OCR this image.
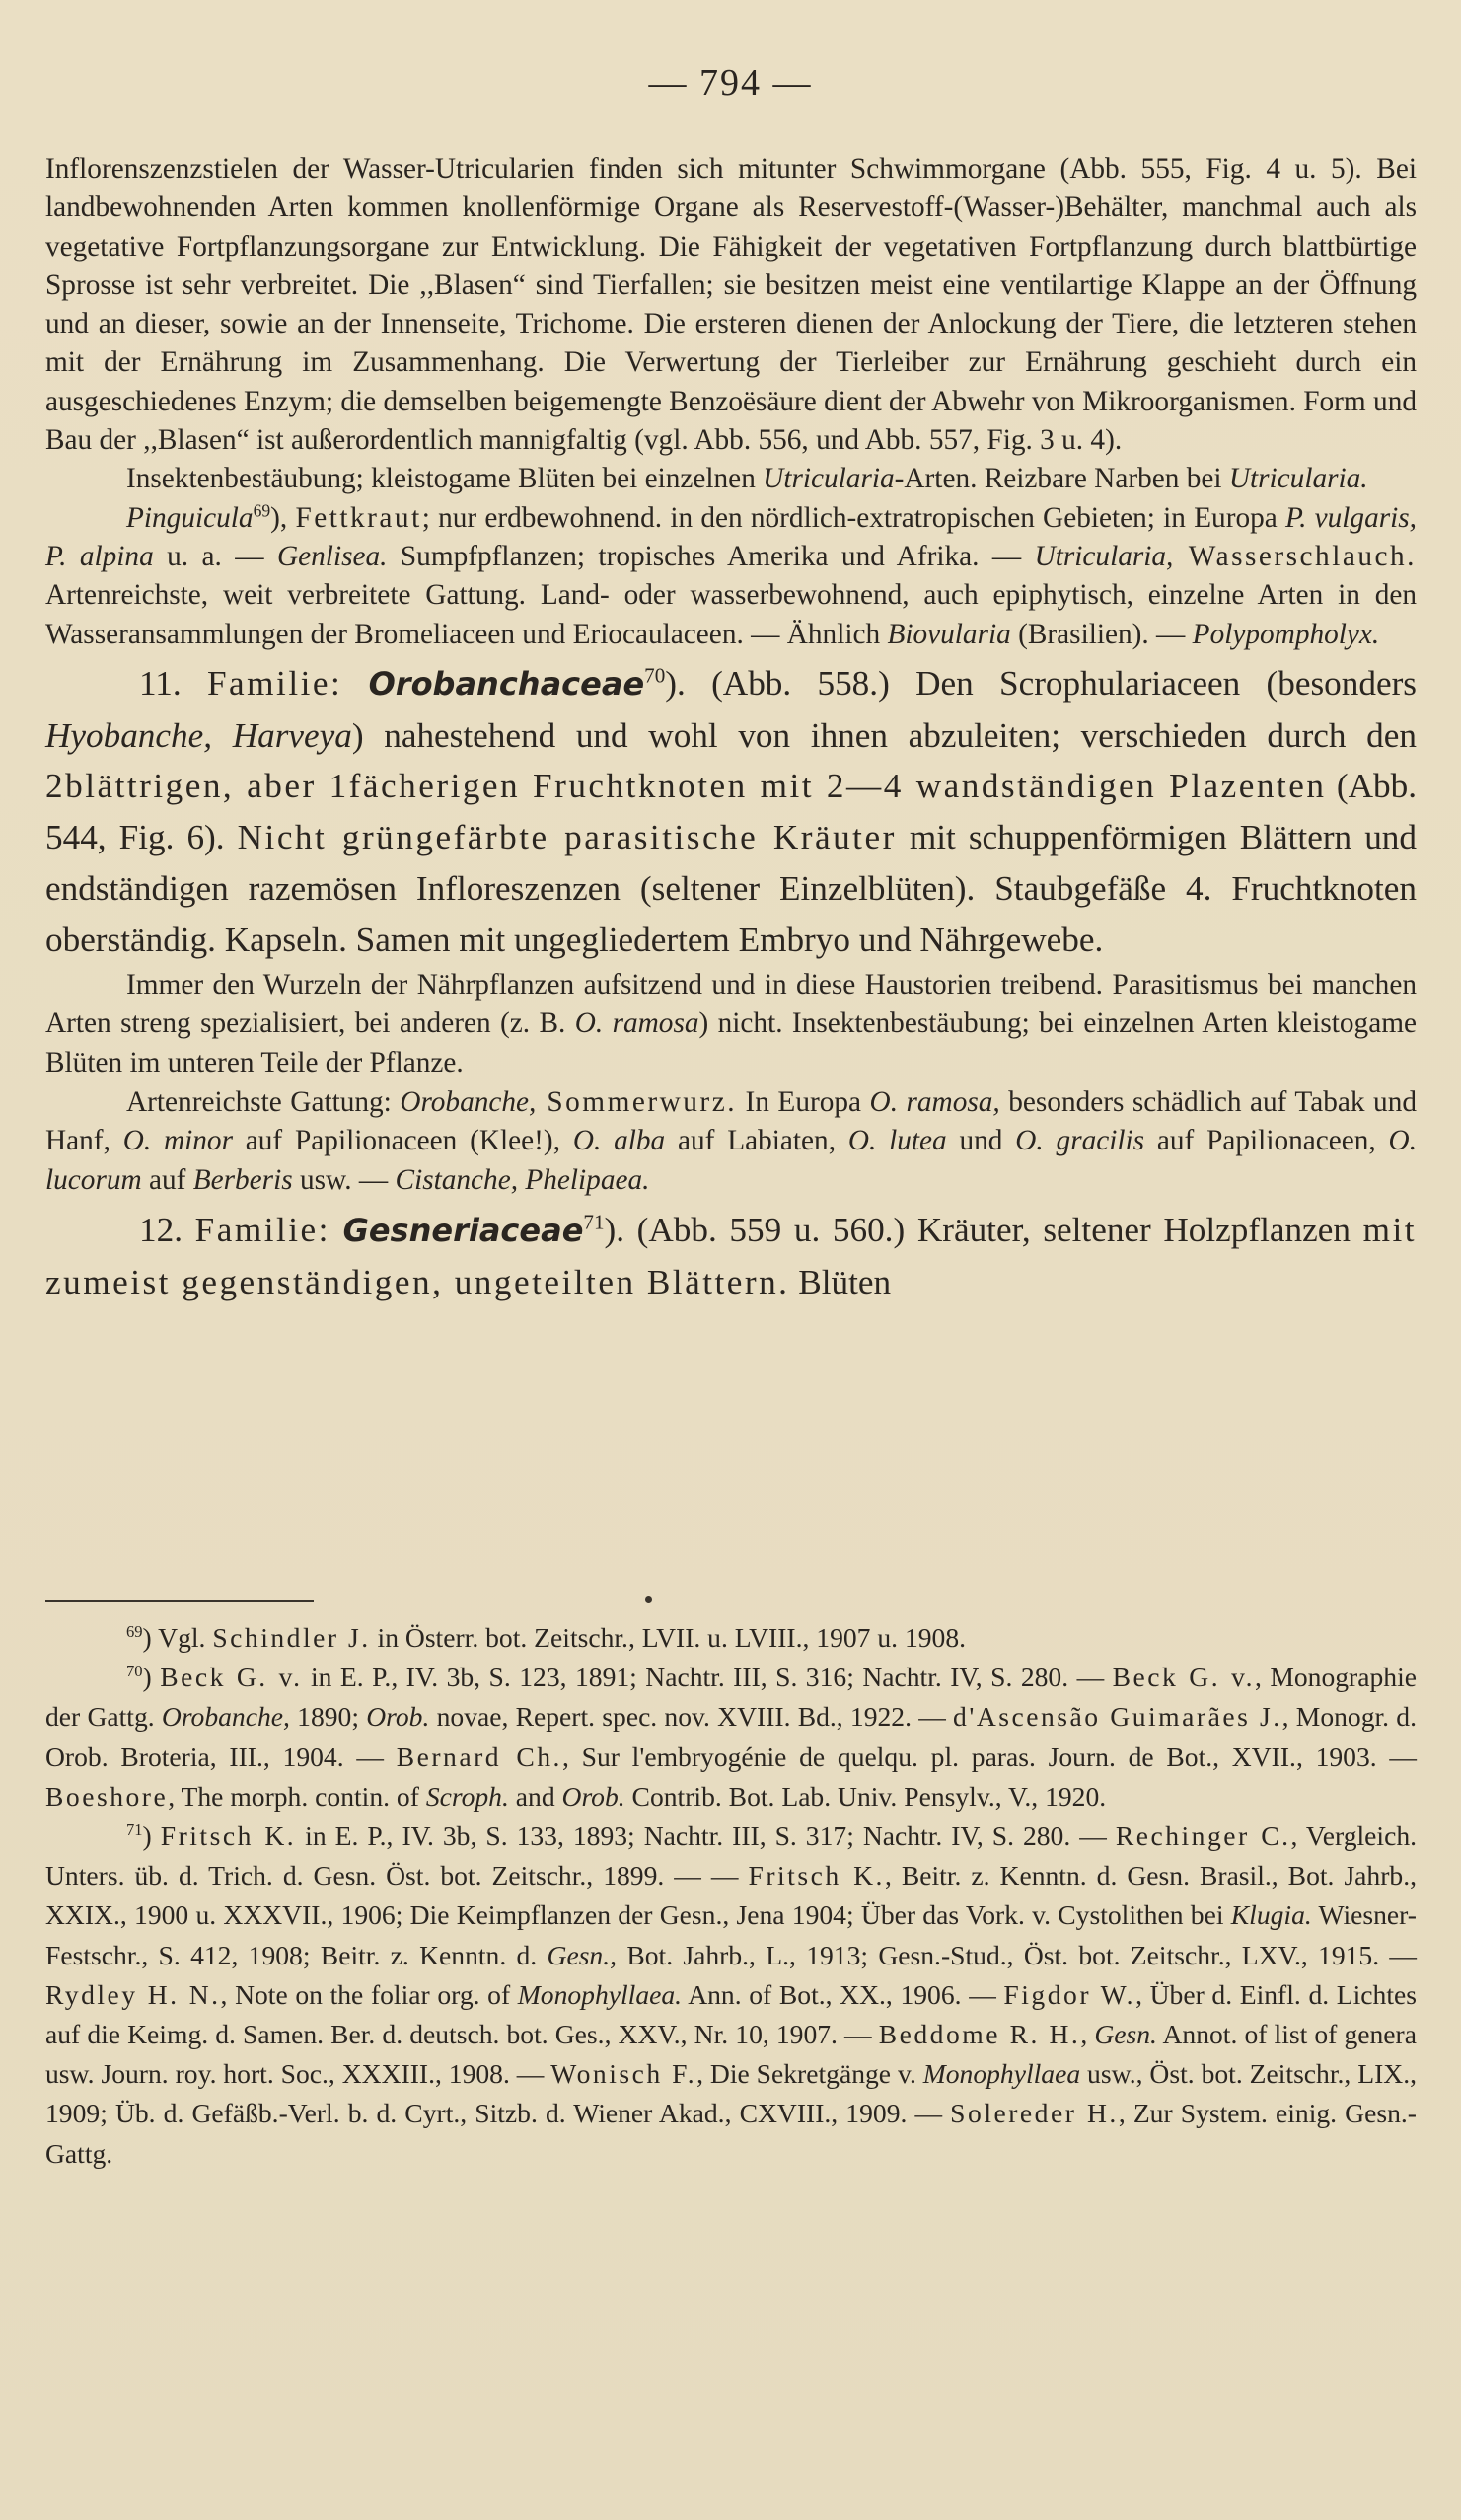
— 794 —

Inflorenszenzstielen der Wasser-Utricularien finden sich mitunter Schwimmorgane (Abb. 555, Fig. 4 u. 5). Bei landbewohnenden Arten kommen knollenförmige Organe als Reservestoff-(Wasser-)Behälter, manchmal auch als vegetative Fortpflanzungsorgane zur Entwicklung. Die Fähigkeit der vegetativen Fortpflanzung durch blattbürtige Sprosse ist sehr verbreitet. Die ,,Blasen“ sind Tierfallen; sie besitzen meist eine ventilartige Klappe an der Öffnung und an dieser, sowie an der Innenseite, Trichome. Die ersteren dienen der Anlockung der Tiere, die letzteren stehen mit der Ernährung im Zusammenhang. Die Verwertung der Tierleiber zur Ernährung geschieht durch ein ausgeschiedenes Enzym; die demselben beigemengte Benzoësäure dient der Abwehr von Mikroorganismen. Form und Bau der ,,Blasen“ ist außerordentlich mannigfaltig (vgl. Abb. 556, und Abb. 557, Fig. 3 u. 4).

Insektenbestäubung; kleistogame Blüten bei einzelnen Utricularia-Arten. Reizbare Narben bei Utricularia.

Pinguicula$^{69}$), Fettkraut; nur erdbewohnend. in den nördlich-extratropischen Gebieten; in Europa P. vulgaris, P. alpina u. a. — Genlisea. Sumpfpflanzen; tropisches Amerika und Afrika. — Utricularia, Wasserschlauch. Artenreichste, weit verbreitete Gattung. Land- oder wasserbewohnend, auch epiphytisch, einzelne Arten in den Wasseransammlungen der Bromeliaceen und Eriocaulaceen. — Ähnlich Biovularia (Brasilien). — Polypompholyx.

11. Familie: Orobanchaceae$^{70}$). (Abb. 558.) Den Scrophulariaceen (besonders Hyobanche, Harveya) nahestehend und wohl von ihnen abzuleiten; verschieden durch den 2blättrigen, aber 1fächerigen Fruchtknoten mit 2—4 wandständigen Plazenten (Abb. 544, Fig. 6). Nicht grüngefärbte parasitische Kräuter mit schuppenförmigen Blättern und endständigen razemösen Infloreszenzen (seltener Einzelblüten). Staubgefäße 4. Fruchtknoten oberständig. Kapseln. Samen mit ungegliedertem Embryo und Nährgewebe.

Immer den Wurzeln der Nährpflanzen aufsitzend und in diese Haustorien treibend. Parasitismus bei manchen Arten streng spezialisiert, bei anderen (z. B. O. ramosa) nicht. Insektenbestäubung; bei einzelnen Arten kleistogame Blüten im unteren Teile der Pflanze.

Artenreichste Gattung: Orobanche, Sommerwurz. In Europa O. ramosa, besonders schädlich auf Tabak und Hanf, O. minor auf Papilionaceen (Klee!), O. alba auf Labiaten, O. lutea und O. gracilis auf Papilionaceen, O. lucorum auf Berberis usw. — Cistanche, Phelipaea.

12. Familie: Gesneriaceae$^{71}$). (Abb. 559 u. 560.) Kräuter, seltener Holzpflanzen mit zumeist gegenständigen, ungeteilten Blättern. Blüten

$^{69}$) Vgl. Schindler J. in Österr. bot. Zeitschr., LVII. u. LVIII., 1907 u. 1908.

$^{70}$) Beck G. v. in E. P., IV. 3b, S. 123, 1891; Nachtr. III, S. 316; Nachtr. IV, S. 280. — Beck G. v., Monographie der Gattg. Orobanche, 1890; Orob. novae, Repert. spec. nov. XVIII. Bd., 1922. — d'Ascensão Guimarães J., Monogr. d. Orob. Broteria, III., 1904. — Bernard Ch., Sur l'embryogénie de quelqu. pl. paras. Journ. de Bot., XVII., 1903. — Boeshore, The morph. contin. of Scroph. and Orob. Contrib. Bot. Lab. Univ. Pensylv., V., 1920.

$^{71}$) Fritsch K. in E. P., IV. 3b, S. 133, 1893; Nachtr. III, S. 317; Nachtr. IV, S. 280. — Rechinger C., Vergleich. Unters. üb. d. Trich. d. Gesn. Öst. bot. Zeitschr., 1899. — — Fritsch K., Beitr. z. Kenntn. d. Gesn. Brasil., Bot. Jahrb., XXIX., 1900 u. XXXVII., 1906; Die Keimpflanzen der Gesn., Jena 1904; Über das Vork. v. Cystolithen bei Klugia. Wiesner-Festschr., S. 412, 1908; Beitr. z. Kenntn. d. Gesn., Bot. Jahrb., L., 1913; Gesn.-Stud., Öst. bot. Zeitschr., LXV., 1915. — Rydley H. N., Note on the foliar org. of Monophyllaea. Ann. of Bot., XX., 1906. — Figdor W., Über d. Einfl. d. Lichtes auf die Keimg. d. Samen. Ber. d. deutsch. bot. Ges., XXV., Nr. 10, 1907. — Beddome R. H., Gesn. Annot. of list of genera usw. Journ. roy. hort. Soc., XXXIII., 1908. — Wonisch F., Die Sekretgänge v. Monophyllaea usw., Öst. bot. Zeitschr., LIX., 1909; Üb. d. Gefäßb.-Verl. b. d. Cyrt., Sitzb. d. Wiener Akad., CXVIII., 1909. — Solereder H., Zur System. einig. Gesn.-Gattg.
